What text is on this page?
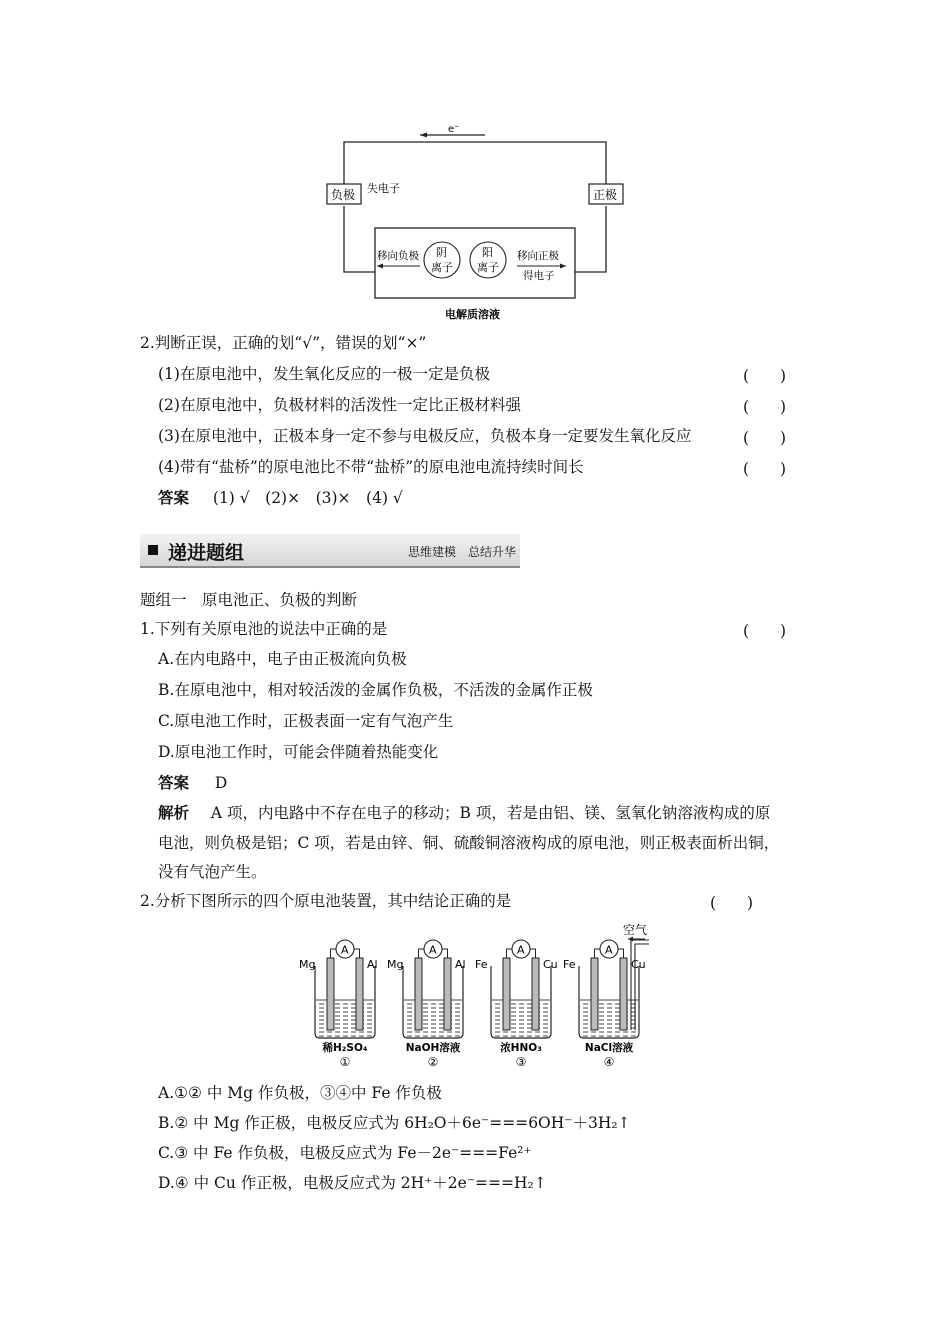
e⁻
负极 失电子	正极
移向负极 阴
离子
阳
离子
移向正极
得电子
电解质溶液
2.判断正误，正确的划“√”，错误的划“×”
(1)在原电池中，发生氧化反应的一极一定是负极	(　　)
(2)在原电池中，负极材料的活泼性一定比正极材料强	(　　)
(3)在原电池中，正极本身一定不参与电极反应，负极本身一定要发生氧化反应	(　　)
(4)带有“盐桥”的原电池比不带“盐桥”的原电池电流持续时间长	(　　)
答案 (1) √　(2)×　(3)×　(4) √
递进题组	思维建模　总结升华
题组一　原电池正、负极的判断
1.下列有关原电池的说法中正确的是	(　　)
A.在内电路中，电子由正极流向负极
B.在原电池中，相对较活泼的金属作负极，不活泼的金属作正极
C.原电池工作时，正极表面一定有气泡产生
D.原电池工作时，可能会伴随着热能变化
答案 D
解析 A 项，内电路中不存在电子的移动；B 项，若是由铝、镁、氢氧化钠溶液构成的原
电池，则负极是铝；C 项，若是由锌、铜、硫酸铜溶液构成的原电池，则正极表面析出铜，
没有气泡产生。
2.分析下图所示的四个原电池装置，其中结论正确的是	(　　)
A
Mg	Al
稀H₂SO₄
①
A
Mg	Al
NaOH溶液
②
A
Fe	Cu
浓HNO₃
③
A
Fe	Cu
NaCl溶液
④
空气
A.①② 中 Mg 作负极，③④中 Fe 作负极
B.② 中 Mg 作正极，电极反应式为 6H₂O＋6e⁻===6OH⁻＋3H₂↑
C.③ 中 Fe 作负极，电极反应式为 Fe－2e⁻===Fe²⁺
D.④ 中 Cu 作正极，电极反应式为 2H⁺＋2e⁻===H₂↑
